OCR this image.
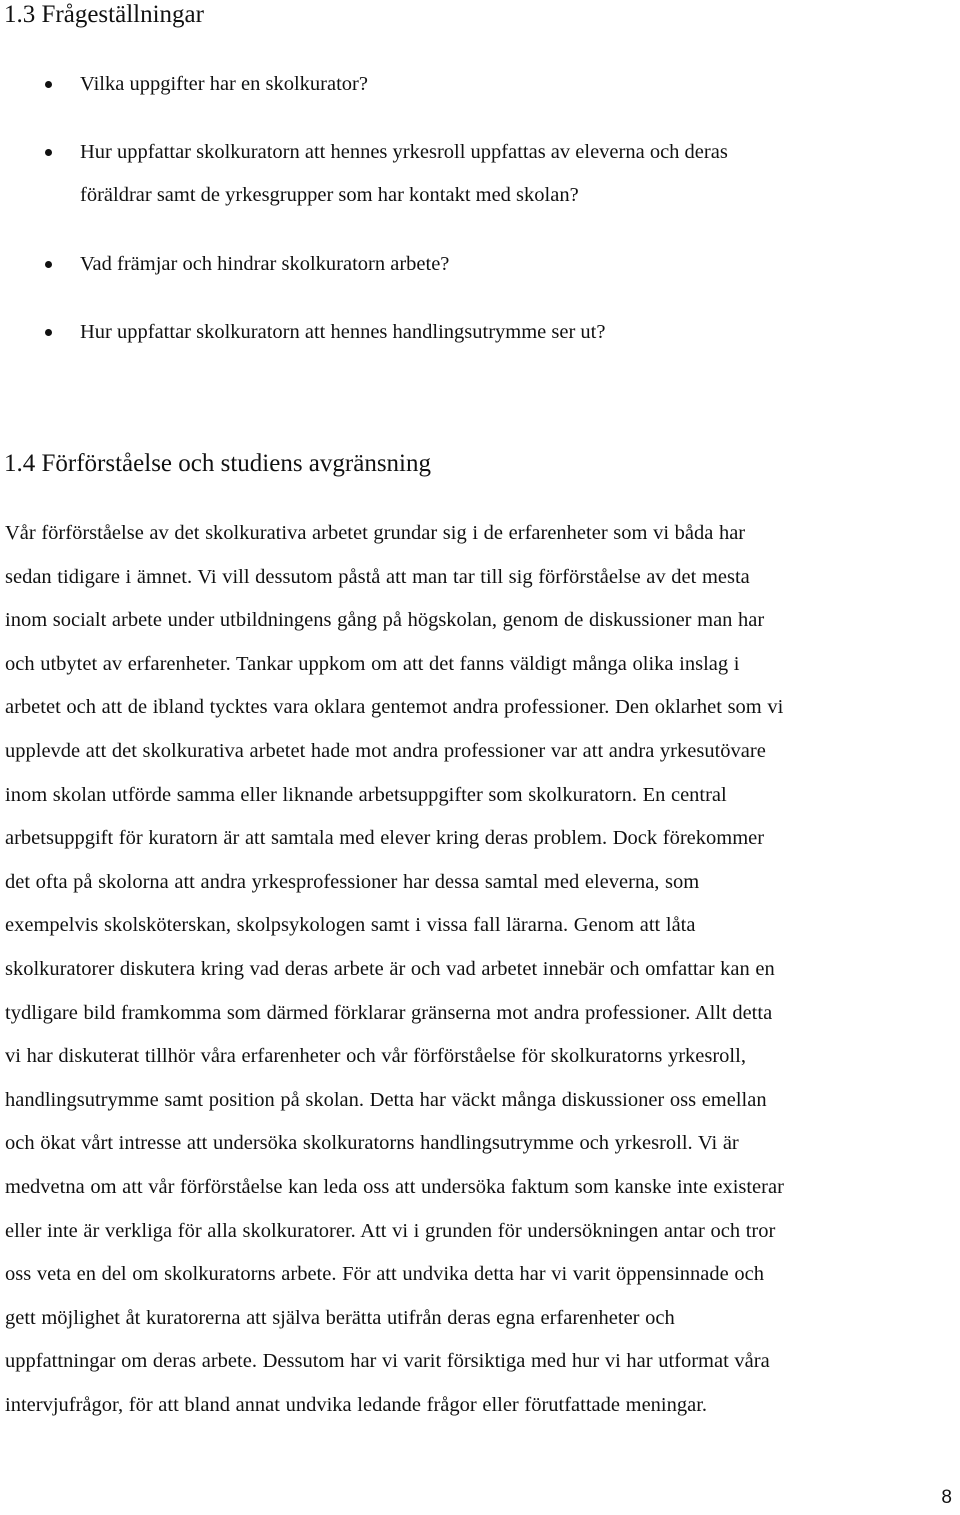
1.3 Frågeställningar
Vilka uppgifter har en skolkurator?
Hur uppfattar skolkuratorn att hennes yrkesroll uppfattas av eleverna och deras
föräldrar samt de yrkesgrupper som har kontakt med skolan?
Vad främjar och hindrar skolkuratorn arbete?
Hur uppfattar skolkuratorn att hennes handlingsutrymme ser ut?
1.4 Förförståelse och studiens avgränsning

Vår förförståelse av det skolkurativa arbetet grundar sig i de erfarenheter som vi båda har
sedan tidigare i ämnet. Vi vill dessutom påstå att man tar till sig förförståelse av det mesta
inom socialt arbete under utbildningens gång på högskolan, genom de diskussioner man har
och utbytet av erfarenheter. Tankar uppkom om att det fanns väldigt många olika inslag i
arbetet och att de ibland tycktes vara oklara gentemot andra professioner. Den oklarhet som vi
upplevde att det skolkurativa arbetet hade mot andra professioner var att andra yrkesutövare
inom skolan utförde samma eller liknande arbetsuppgifter som skolkuratorn. En central
arbetsuppgift för kuratorn är att samtala med elever kring deras problem. Dock förekommer
det ofta på skolorna att andra yrkesprofessioner har dessa samtal med eleverna, som
exempelvis skolsköterskan, skolpsykologen samt i vissa fall lärarna. Genom att låta
skolkuratorer diskutera kring vad deras arbete är och vad arbetet innebär och omfattar kan en
tydligare bild framkomma som därmed förklarar gränserna mot andra professioner. Allt detta
vi har diskuterat tillhör våra erfarenheter och vår förförståelse för skolkuratorns yrkesroll,
handlingsutrymme samt position på skolan. Detta har väckt många diskussioner oss emellan
och ökat vårt intresse att undersöka skolkuratorns handlingsutrymme och yrkesroll. Vi är
medvetna om att vår förförståelse kan leda oss att undersöka faktum som kanske inte existerar
eller inte är verkliga för alla skolkuratorer. Att vi i grunden för undersökningen antar och tror
oss veta en del om skolkuratorns arbete. För att undvika detta har vi varit öppensinnade och
gett möjlighet åt kuratorerna att själva berätta utifrån deras egna erfarenheter och
uppfattningar om deras arbete. Dessutom har vi varit försiktiga med hur vi har utformat våra
intervjufrågor, för att bland annat undvika ledande frågor eller förutfattade meningar.

8
